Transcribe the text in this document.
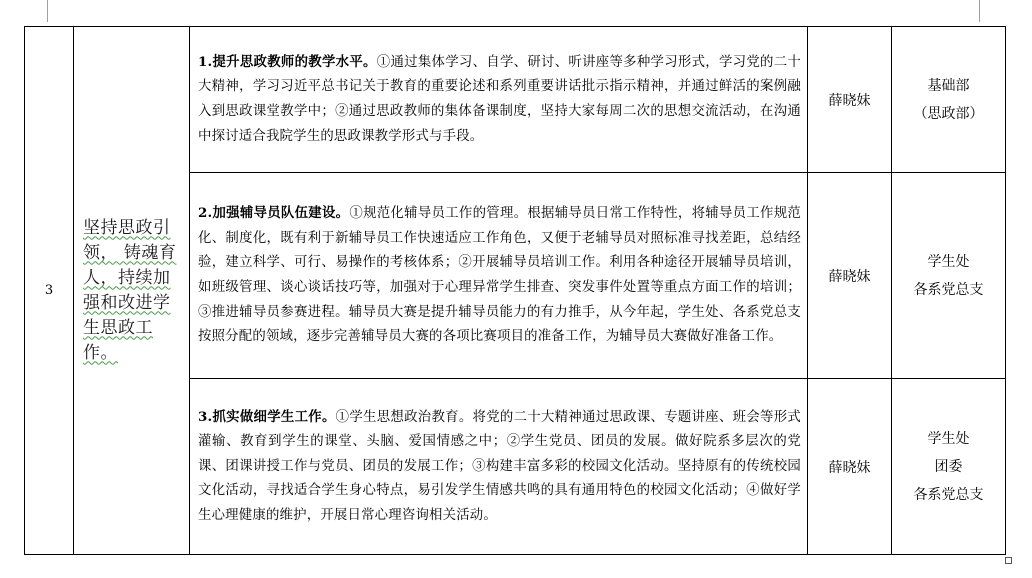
3	坚持思政引领， 铸魂育人，持续加强和改进学生思政工作。	1.提升思政教师的教学水平。①通过集体学习、自学、研讨、听讲座等多种学习形式，学习党的二十大精神，学习习近平总书记关于教育的重要论述和系列重要讲话批示指示精神，并通过鲜活的案例融入到思政课堂教学中；②通过思政教师的集体备课制度，坚持大家每周二次的思想交流活动，在沟通中探讨适合我院学生的思政课教学形式与手段。	薛晓妹	基础部
（思政部）

		2.加强辅导员队伍建设。①规范化辅导员工作的管理。根据辅导员日常工作特性，将辅导员工作规范化、制度化，既有利于新辅导员工作快速适应工作角色，又便于老辅导员对照标准寻找差距，总结经验，建立科学、可行、易操作的考核体系；②开展辅导员培训工作。利用各种途径开展辅导员培训，如班级管理、谈心谈话技巧等，加强对于心理异常学生排查、突发事件处置等重点方面工作的培训；③推进辅导员参赛进程。辅导员大赛是提升辅导员能力的有力推手，从今年起，学生处、各系党总支按照分配的领域，逐步完善辅导员大赛的各项比赛项目的准备工作，为辅导员大赛做好准备工作。	薛晓妹	学生处
各系党总支

		3.抓实做细学生工作。①学生思想政治教育。将党的二十大精神通过思政课、专题讲座、班会等形式灌输、教育到学生的课堂、头脑、爱国情感之中；②学生党员、团员的发展。做好院系多层次的党课、团课讲授工作与党员、团员的发展工作；③构建丰富多彩的校园文化活动。坚持原有的传统校园文化活动，寻找适合学生身心特点，易引发学生情感共鸣的具有通用特色的校园文化活动；④做好学生心理健康的维护，开展日常心理咨询相关活动。	薛晓妹	学生处
团委
各系党总支
